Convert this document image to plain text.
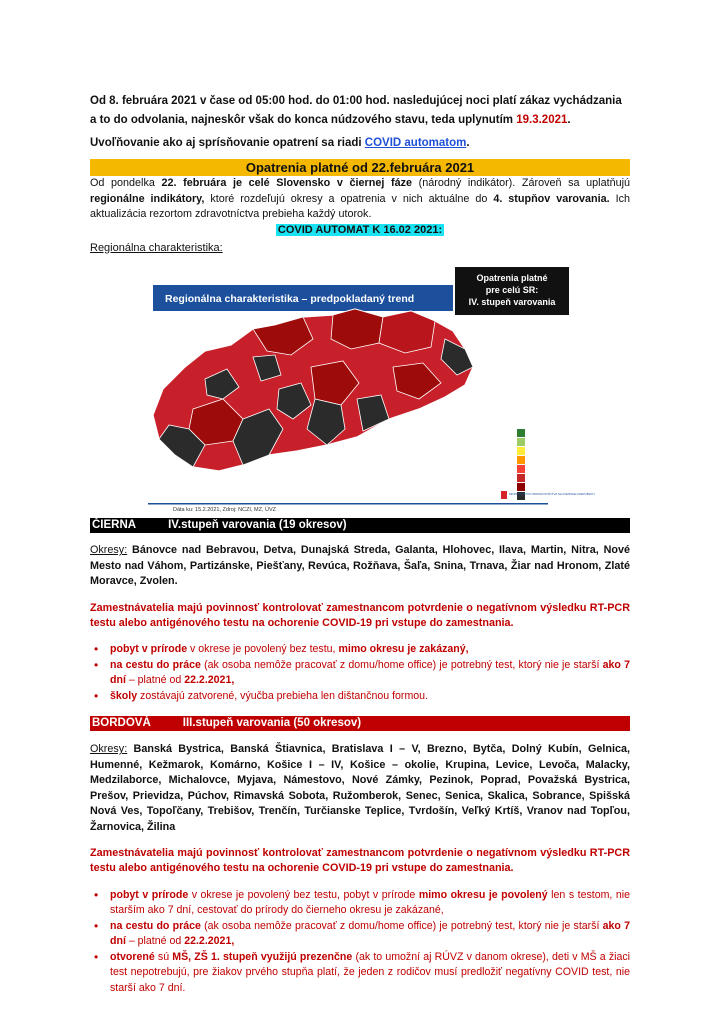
Od 8. februára 2021 v čase od 05:00 hod. do 01:00 hod. nasledujúcej noci platí zákaz vychádzania a to do odvolania, najneskôr však do konca núdzového stavu, teda uplynutím 19.3.2021.

Uvoľňovanie ako aj sprísňovanie opatrení sa riadi COVID automatom.

Opatrenia platné od 22.februára 2021

Od pondelka 22. februára je celé Slovensko v čiernej fáze (národný indikátor). Zároveň sa uplatňujú regionálne indikátory, ktoré rozdeľujú okresy a opatrenia v nich aktuálne do 4. stupňov varovania. Ich aktualizácia rezortom zdravotníctva prebieha každý utorok.

COVID AUTOMAT K 16.02 2021:

Regionálna charakteristika:

Regionálna charakteristika – predpokladaný trend
Opatrenia platné
pre celú SR:
IV. stupeň varovania
Dáta ku: 15.2.2021, Zdroj: NCZI, MZ, ÚVZ
MINISTERSTVO ZDRAVOTNÍCTVA SLOVENSKEJ REPUBLIKY
ČIERNA	IV.stupeň varovania (19 okresov)

Okresy: Bánovce nad Bebravou, Detva, Dunajská Streda, Galanta, Hlohovec, Ilava, Martin, Nitra, Nové Mesto nad Váhom, Partizánske, Piešťany, Revúca, Rožňava, Šaľa, Snina, Trnava, Žiar nad Hronom, Zlaté Moravce, Zvolen.

Zamestnávatelia majú povinnosť kontrolovať zamestnancom potvrdenie o negatívnom výsledku RT-PCR testu alebo antigénového testu na ochorenie COVID-19 pri vstupe do zamestnania.

• pobyt v prírode v okrese je povolený bez testu, mimo okresu je zakázaný,
• na cestu do práce (ak osoba nemôže pracovať z domu/home office) je potrebný test, ktorý nie je starší ako 7 dní – platné od 22.2.2021,
• školy zostávajú zatvorené, výučba prebieha len dištančnou formou.
BORDOVÁ	III.stupeň varovania (50 okresov)

Okresy: Banská Bystrica, Banská Štiavnica, Bratislava I – V, Brezno, Bytča, Dolný Kubín, Gelnica, Humenné, Kežmarok, Komárno, Košice I – IV, Košice – okolie, Krupina, Levice, Levoča, Malacky, Medzilaborce, Michalovce, Myjava, Námestovo, Nové Zámky, Pezinok, Poprad, Považská Bystrica, Prešov, Prievidza, Púchov, Rimavská Sobota, Ružomberok, Senec, Senica, Skalica, Sobrance, Spišská Nová Ves, Topoľčany, Trebišov, Trenčín, Turčianske Teplice, Tvrdošín, Veľký Krtíš, Vranov nad Topľou, Žarnovica, Žilina

Zamestnávatelia majú povinnosť kontrolovať zamestnancom potvrdenie o negatívnom výsledku RT-PCR testu alebo antigénového testu na ochorenie COVID-19 pri vstupe do zamestnania.

• pobyt v prírode v okrese je povolený bez testu, pobyt v prírode mimo okresu je povolený len s testom, nie starším ako 7 dní, cestovať do prírody do čierneho okresu je zakázané,
• na cestu do práce (ak osoba nemôže pracovať z domu/home office) je potrebný test, ktorý nie je starší ako 7 dní – platné od 22.2.2021,
• otvorené sú MŠ, ZŠ 1. stupeň využijú prezenčne (ak to umožní aj RÚVZ v danom okrese), deti v MŠ a žiaci test nepotrebujú, pre žiakov prvého stupňa platí, že jeden z rodičov musí predložiť negatívny COVID test, nie starší ako 7 dní.
